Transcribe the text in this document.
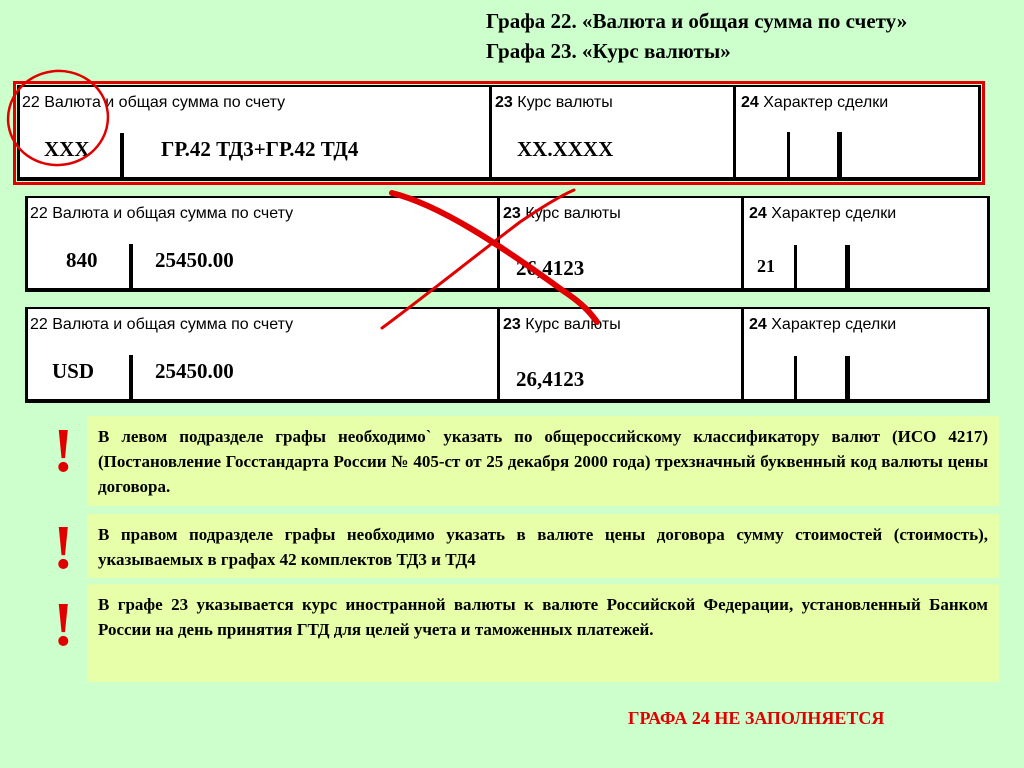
Графа 22. «Валюта и общая сумма по счету»
Графа 23. «Курс валюты»
22 Валюта и общая сумма по счету	23 Курс валюты	24 Характер сделки
XXX	ГР.42 ТД3+ГР.42 ТД4	XX.XXXX
22 Валюта и общая сумма по счету	23 Курс валюты	24 Характер сделки
840	25450.00	26,4123	21
22 Валюта и общая сумма по счету	23 Курс валюты	24 Характер сделки
USD	25450.00	26,4123
!
!
!
В левом подразделе графы необходимо` указать по общероссийскому классификатору валют (ИСО 4217)(Постановление Госстандарта России № 405-ст от 25 декабря 2000 года) трехзначный буквенный код валюты цены договора.
В правом подразделе графы необходимо указать в валюте цены договора сумму стоимостей (стоимость), указываемых в графах 42 комплектов ТД3 и ТД4
В графе 23 указывается курс иностранной валюты к валюте Российской Федерации, установленный Банком России на день принятия ГТД для целей учета и таможенных платежей.
ГРАФА 24 НЕ ЗАПОЛНЯЕТСЯ
